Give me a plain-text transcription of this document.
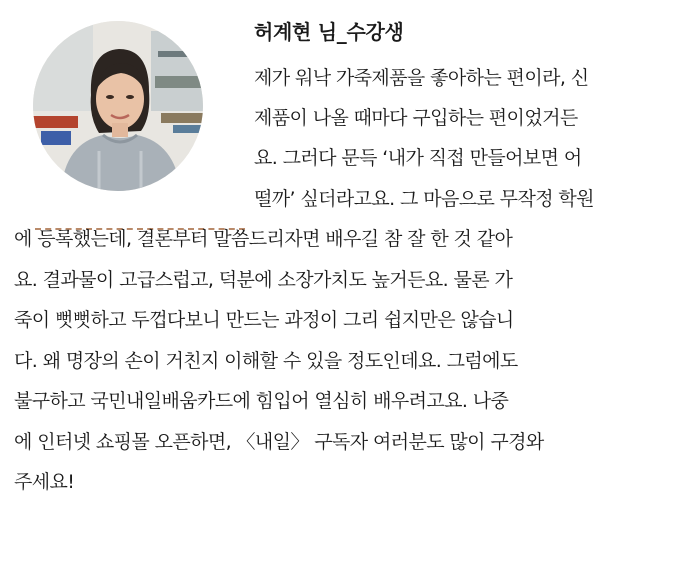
허계현 님_수강생
제가 워낙 가죽제품을 좋아하는 편이라, 신
제품이 나올 때마다 구입하는 편이었거든
요. 그러다 문득 ‘내가 직접 만들어보면 어
떨까’ 싶더라고요. 그 마음으로 무작정 학원
에 등록했는데, 결론부터 말씀드리자면 배우길 참 잘 한 것 같아
요. 결과물이 고급스럽고, 덕분에 소장가치도 높거든요. 물론 가
죽이 뻣뻣하고 두껍다보니 만드는 과정이 그리 쉽지만은 않습니
다. 왜 명장의 손이 거친지 이해할 수 있을 정도인데요. 그럼에도
불구하고 국민내일배움카드에 힘입어 열심히 배우려고요. 나중
에 인터넷 쇼핑몰 오픈하면, 〈내일〉 구독자 여러분도 많이 구경와
주세요!
